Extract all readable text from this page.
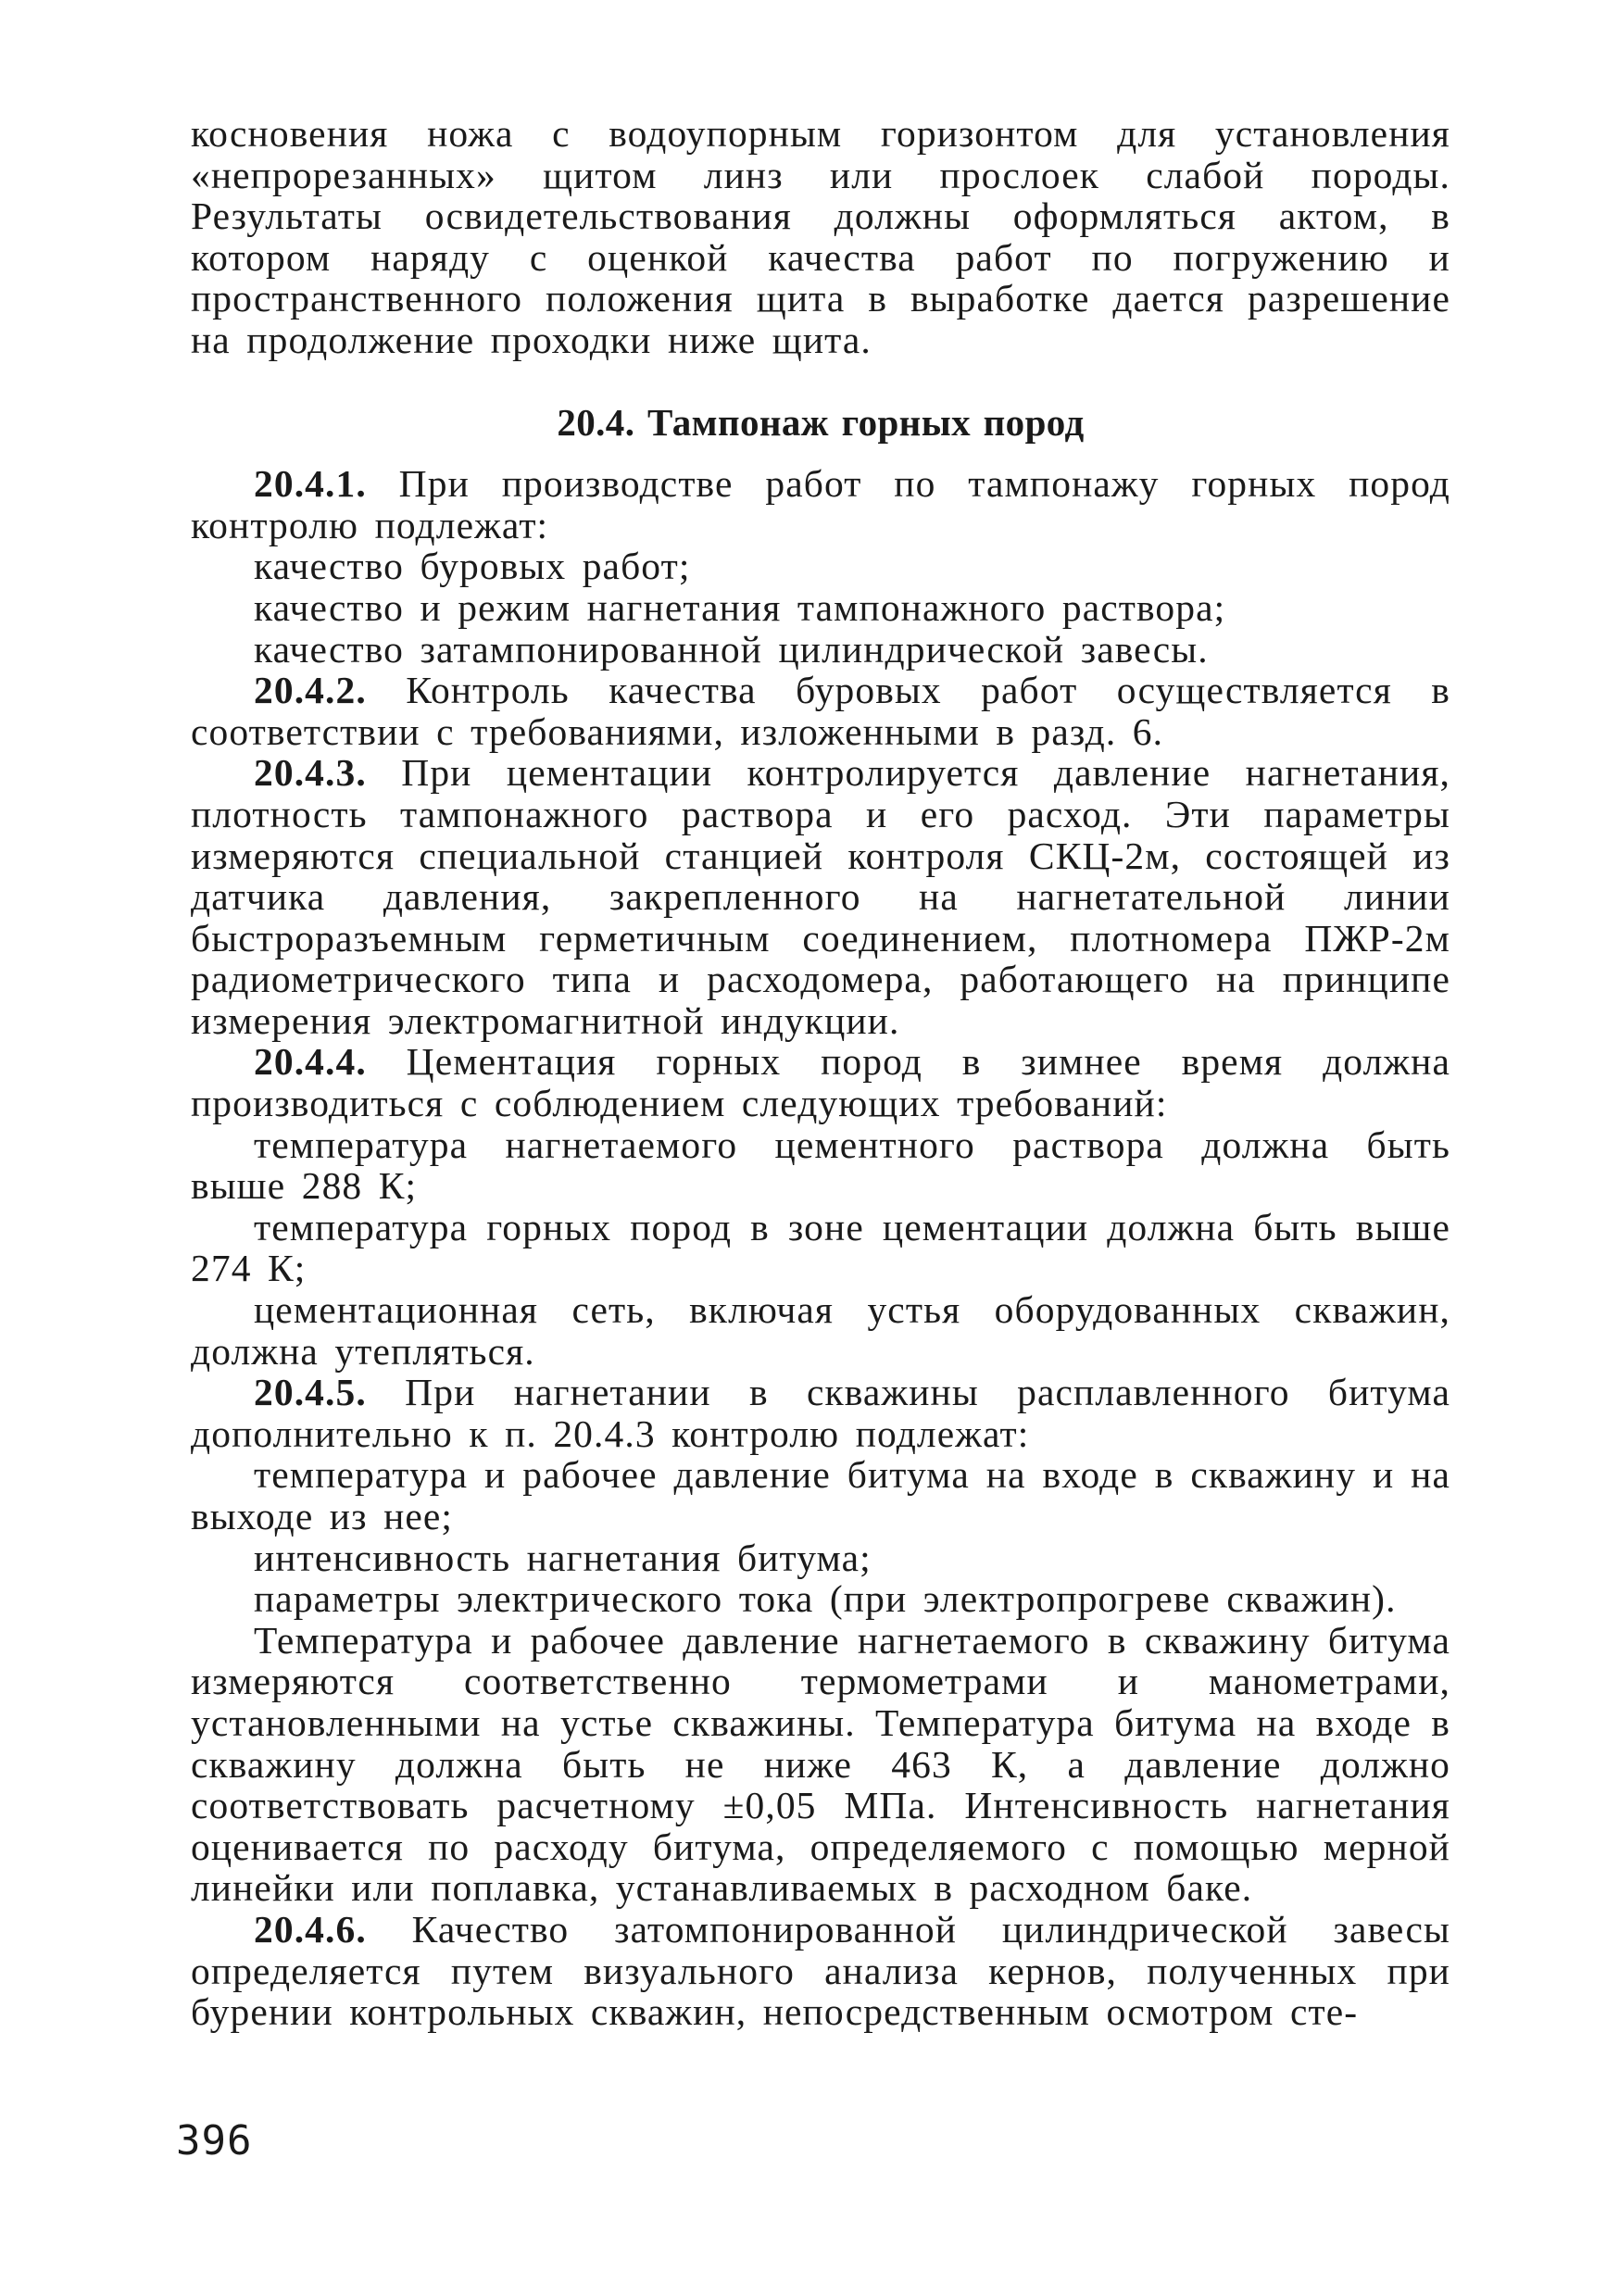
косновения ножа с водоупорным горизонтом для установления «непрорезанных» щитом линз или прослоек слабой породы. Результаты освидетельствования должны оформляться актом, в котором наряду с оценкой качества работ по погружению и пространственного положения щита в выработке дается разрешение на продолжение проходки ниже щита.

20.4. Тампонаж горных пород

20.4.1. При производстве работ по тампонажу горных пород контролю подлежат:

качество буровых работ;

качество и режим нагнетания тампонажного раствора;

качество затампонированной цилиндрической завесы.

20.4.2. Контроль качества буровых работ осуществляется в соответствии с требованиями, изложенными в разд. 6.

20.4.3. При цементации контролируется давление нагнетания, плотность тампонажного раствора и его расход. Эти параметры измеряются специальной станцией контроля СКЦ-2м, состоящей из датчика давления, закрепленного на нагнетательной линии быстроразъемным герметичным соединением, плотномера ПЖР-2м радиометрического типа и расходомера, работающего на принципе измерения электромагнитной индукции.

20.4.4. Цементация горных пород в зимнее время должна производиться с соблюдением следующих требований:

температура нагнетаемого цементного раствора должна быть выше 288 К;

температура горных пород в зоне цементации должна быть выше 274 К;

цементационная сеть, включая устья оборудованных скважин, должна утепляться.

20.4.5. При нагнетании в скважины расплавленного битума дополнительно к п. 20.4.3 контролю подлежат:

температура и рабочее давление битума на входе в скважину и на выходе из нее;

интенсивность нагнетания битума;

параметры электрического тока (при электропрогреве скважин).

Температура и рабочее давление нагнетаемого в скважину битума измеряются соответственно термометрами и манометрами, установленными на устье скважины. Температура битума на входе в скважину должна быть не ниже 463 К, а давление должно соответствовать расчетному ±0,05 МПа. Интенсивность нагнетания оценивается по расходу битума, определяемого с помощью мерной линейки или поплавка, устанавливаемых в расходном баке.

20.4.6. Качество затомпонированной цилиндрической завесы определяется путем визуального анализа кернов, полученных при бурении контрольных скважин, непосредственным осмотром сте-

396
